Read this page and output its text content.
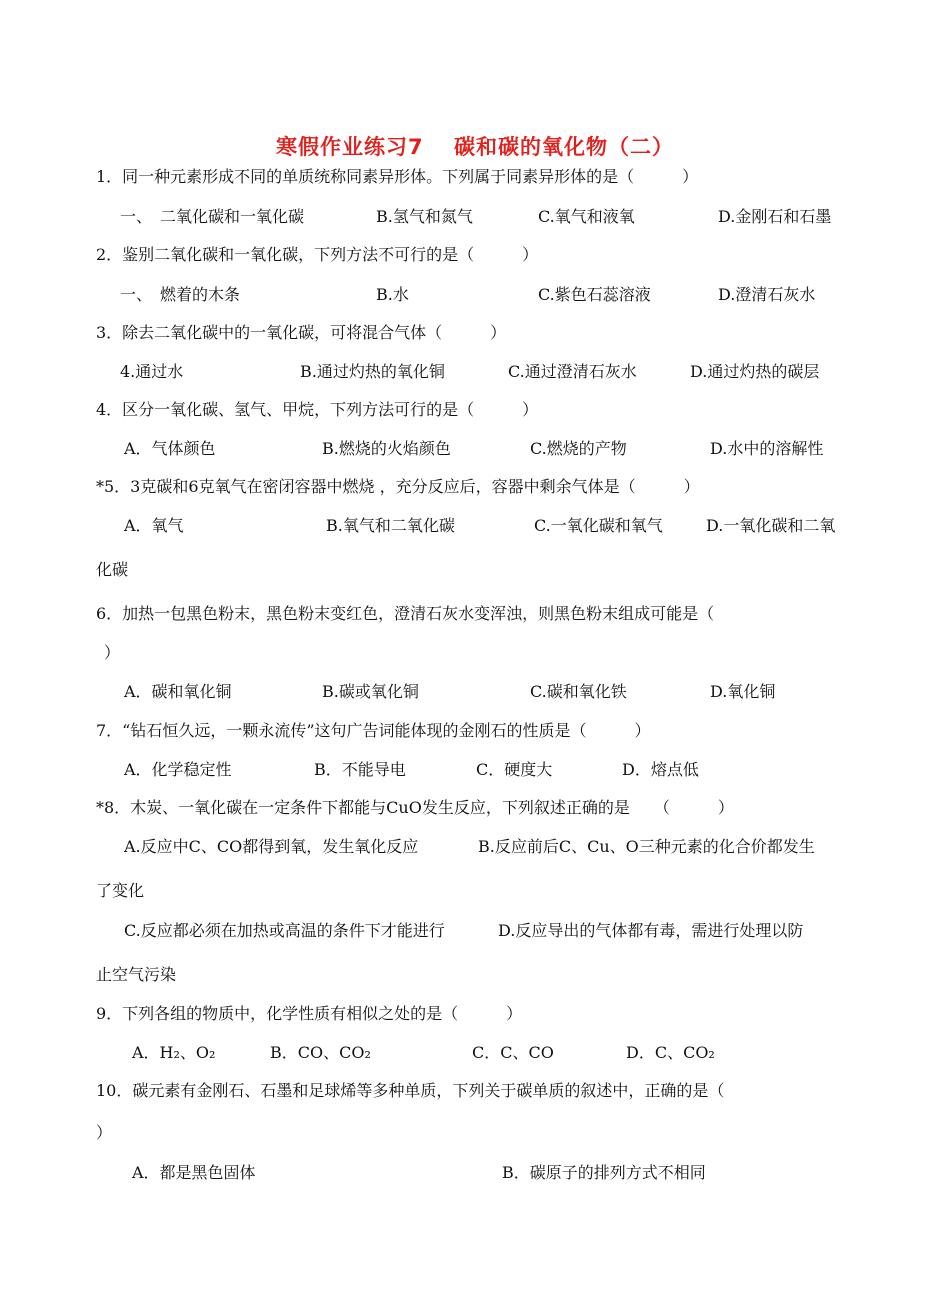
寒假作业练习7　 碳和碳的氧化物（二）
1．同一种元素形成不同的单质统称同素异形体。下列属于同素异形体的是（　　　）
一、　二氧化碳和一氧化碳	B.氢气和氮气	C.氧气和液氧	D.金刚石和石墨
2．鉴别二氧化碳和一氧化碳，下列方法不可行的是（　　　）
一、　燃着的木条	B.水	C.紫色石蕊溶液	D.澄清石灰水
3．除去二氧化碳中的一氧化碳，可将混合气体（　　　）
4.通过水	B.通过灼热的氧化铜	C.通过澄清石灰水	D.通过灼热的碳层
4．区分一氧化碳、氢气、甲烷，下列方法可行的是（　　　）
A．气体颜色	B.燃烧的火焰颜色	C.燃烧的产物	D.水中的溶解性
*5．3克碳和6克氧气在密闭容器中燃烧 ，充分反应后，容器中剩余气体是（　　　）
A．氧气	B.氧气和二氧化碳	C.一氧化碳和氧气	D.一氧化碳和二氧
化碳
6．加热一包黑色粉末，黑色粉末变红色，澄清石灰水变浑浊，则黑色粉末组成可能是（
）
A．碳和氧化铜	B.碳或氧化铜	C.碳和氧化铁	D.氧化铜
7．“钻石恒久远，一颗永流传”这句广告词能体现的金刚石的性质是（　　　）
A．化学稳定性	B．不能导电	C．硬度大	D．熔点低
*8．木炭、一氧化碳在一定条件下都能与CuO发生反应，下列叙述正确的是　　（　　　）
A.反应中C、CO都得到氧，发生氧化反应	B.反应前后C、Cu、O三种元素的化合价都发生
了变化
C.反应都必须在加热或高温的条件下才能进行	D.反应导出的气体都有毒，需进行处理以防
止空气污染
9．下列各组的物质中，化学性质有相似之处的是（　　　）
A．H₂、O₂	B．CO、CO₂	C．C、CO	D．C、CO₂
10．碳元素有金刚石、石墨和足球烯等多种单质，下列关于碳单质的叙述中，正确的是（
）
A．都是黑色固体	B．碳原子的排列方式不相同
